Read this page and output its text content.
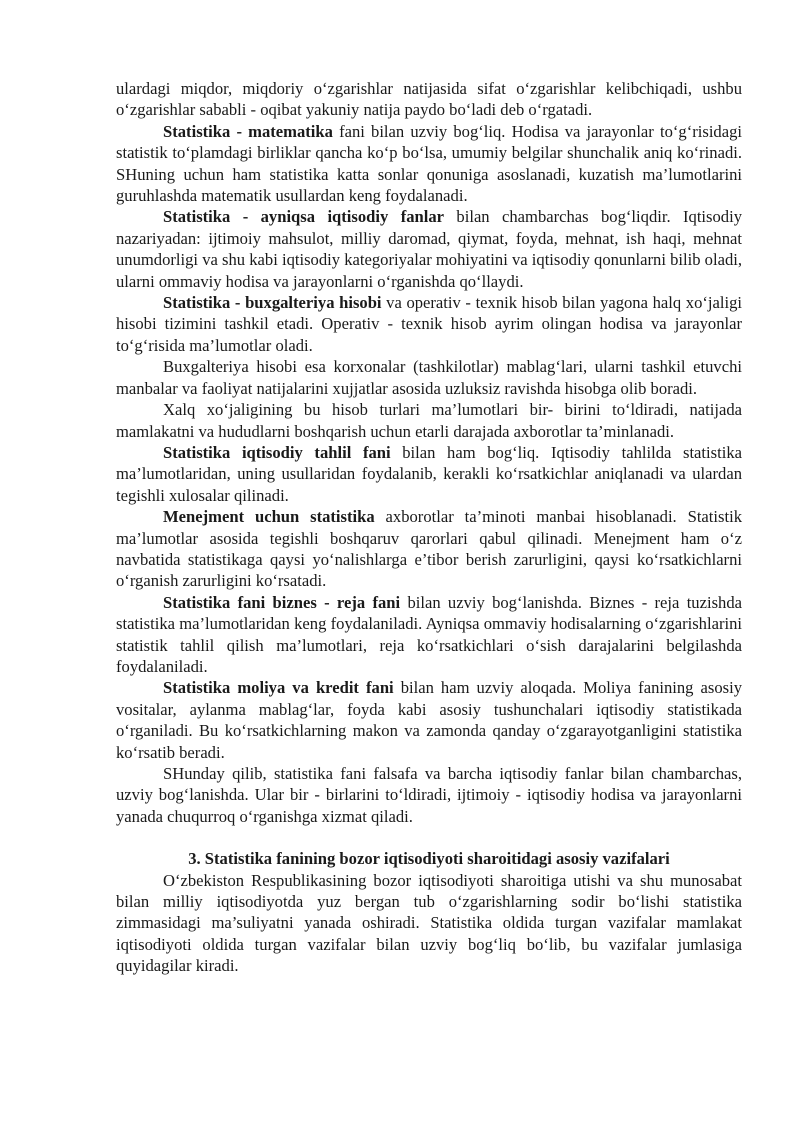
ulardagi miqdor, miqdoriy o‘zgarishlar natijasida sifat o‘zgarishlar kelibchiqadi, ushbu o‘zgarishlar sababli - oqibat yakuniy natija paydo bo‘ladi deb o‘rgatadi.

Statistika - matematika fani bilan uzviy bog‘liq. Hodisa va jarayonlar to‘g‘risidagi statistik to‘plamdagi birliklar qancha ko‘p bo‘lsa, umumiy belgilar shunchalik aniq ko‘rinadi. SHuning uchun ham statistika katta sonlar qonuniga asoslanadi, kuzatish ma’lumotlarini guruhlashda matematik usullardan keng foydalanadi.

Statistika - ayniqsa iqtisodiy fanlar bilan chambarchas bog‘liqdir. Iqtisodiy nazariyadan: ijtimoiy mahsulot, milliy daromad, qiymat, foyda, mehnat, ish haqi, mehnat unumdorligi va shu kabi iqtisodiy kategoriyalar mohiyatini va iqtisodiy qonunlarni bilib oladi, ularni ommaviy hodisa va jarayonlarni o‘rganishda qo‘llaydi.

Statistika - buxgalteriya hisobi va operativ - texnik hisob bilan yagona halq xo‘jaligi hisobi tizimini tashkil etadi. Operativ - texnik hisob ayrim olingan hodisa va jarayonlar to‘g‘risida ma’lumotlar oladi.

Buxgalteriya hisobi esa korxonalar (tashkilotlar) mablag‘lari, ularni tashkil etuvchi manbalar va faoliyat natijalarini xujjatlar asosida uzluksiz ravishda hisobga olib boradi.

Xalq xo‘jaligining bu hisob turlari ma’lumotlari bir- birini to‘ldiradi, natijada mamlakatni va hududlarni boshqarish uchun etarli darajada axborotlar ta’minlanadi.

Statistika iqtisodiy tahlil fani bilan ham bog‘liq. Iqtisodiy tahlilda statistika ma’lumotlaridan, uning usullaridan foydalanib, kerakli ko‘rsatkichlar aniqlanadi va ulardan tegishli xulosalar qilinadi.

Menejment uchun statistika axborotlar ta’minoti manbai hisoblanadi. Statistik ma’lumotlar asosida tegishli boshqaruv qarorlari qabul qilinadi. Menejment ham o‘z navbatida statistikaga qaysi yo‘nalishlarga e’tibor berish zarurligini, qaysi ko‘rsatkichlarni o‘rganish zarurligini ko‘rsatadi.

Statistika fani biznes - reja fani bilan uzviy bog‘lanishda. Biznes - reja tuzishda statistika ma’lumotlaridan keng foydalaniladi. Ayniqsa ommaviy hodisalarning o‘zgarishlarini statistik tahlil qilish ma’lumotlari, reja ko‘rsatkichlari o‘sish darajalarini belgilashda foydalaniladi.

Statistika moliya va kredit fani bilan ham uzviy aloqada. Moliya fanining asosiy vositalar, aylanma mablag‘lar, foyda kabi asosiy tushunchalari iqtisodiy statistikada o‘rganiladi. Bu ko‘rsatkichlarning makon va zamonda qanday o‘zgarayotganligini statistika ko‘rsatib beradi.

SHunday qilib, statistika fani falsafa va barcha iqtisodiy fanlar bilan chambarchas, uzviy bog‘lanishda. Ular bir - birlarini to‘ldiradi, ijtimoiy - iqtisodiy hodisa va jarayonlarni yanada chuqurroq o‘rganishga xizmat qiladi.

3. Statistika fanining bozor iqtisodiyoti sharoitidagi asosiy vazifalari

O‘zbekiston Respublikasining bozor iqtisodiyoti sharoitiga utishi va shu munosabat bilan milliy iqtisodiyotda yuz bergan tub o‘zgarishlarning sodir bo‘lishi statistika zimmasidagi ma’suliyatni yanada oshiradi. Statistika oldida turgan vazifalar mamlakat iqtisodiyoti oldida turgan vazifalar bilan uzviy bog‘liq bo‘lib, bu vazifalar jumlasiga quyidagilar kiradi.
